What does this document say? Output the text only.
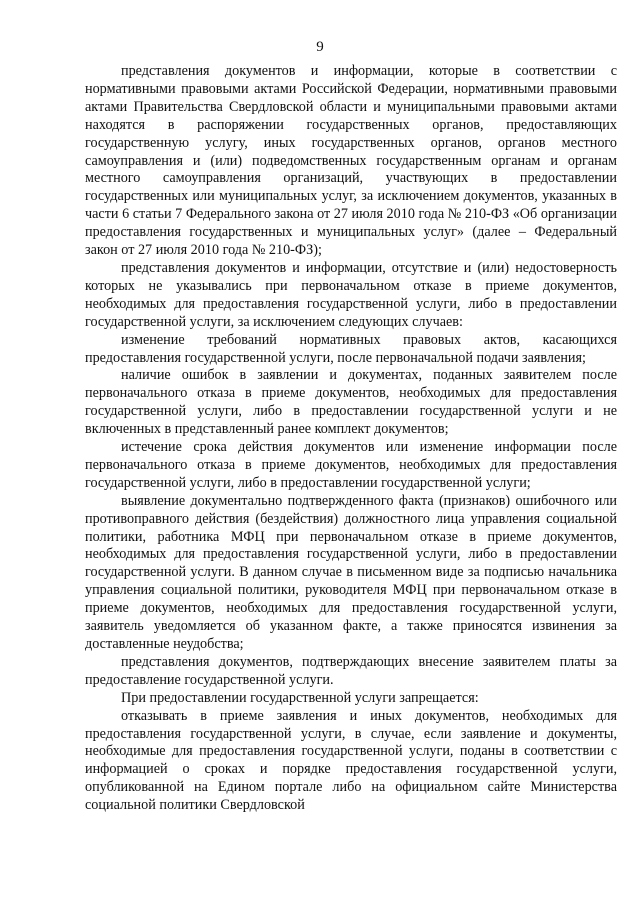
9

представления документов и информации, которые в соответствии с нормативными правовыми актами Российской Федерации, нормативными правовыми актами Правительства Свердловской области и муниципальными правовыми актами находятся в распоряжении государственных органов, предоставляющих государственную услугу, иных государственных органов, органов местного самоуправления и (или) подведомственных государственным органам и органам местного самоуправления организаций, участвующих в предоставлении государственных или муниципальных услуг, за исключением документов, указанных в части 6 статьи 7 Федерального закона от 27 июля 2010 года № 210-ФЗ «Об организации предоставления государственных и муниципальных услуг» (далее – Федеральный закон от 27 июля 2010 года № 210-ФЗ);

представления документов и информации, отсутствие и (или) недостоверность которых не указывались при первоначальном отказе в приеме документов, необходимых для предоставления государственной услуги, либо в предоставлении государственной услуги, за исключением следующих случаев:

изменение требований нормативных правовых актов, касающихся предоставления государственной услуги, после первоначальной подачи заявления;

наличие ошибок в заявлении и документах, поданных заявителем после первоначального отказа в приеме документов, необходимых для предоставления государственной услуги, либо в предоставлении государственной услуги и не включенных в представленный ранее комплект документов;

истечение срока действия документов или изменение информации после первоначального отказа в приеме документов, необходимых для предоставления государственной услуги, либо в предоставлении государственной услуги;

выявление документально подтвержденного факта (признаков) ошибочного или противоправного действия (бездействия) должностного лица управления социальной политики, работника МФЦ при первоначальном отказе в приеме документов, необходимых для предоставления государственной услуги, либо в предоставлении государственной услуги. В данном случае в письменном виде за подписью начальника управления социальной политики, руководителя МФЦ при первоначальном отказе в приеме документов, необходимых для предоставления государственной услуги, заявитель уведомляется об указанном факте, а также приносятся извинения за доставленные неудобства;

представления документов, подтверждающих внесение заявителем платы за предоставление государственной услуги.

При предоставлении государственной услуги запрещается:

отказывать в приеме заявления и иных документов, необходимых для предоставления государственной услуги, в случае, если заявление и документы, необходимые для предоставления государственной услуги, поданы в соответствии с информацией о сроках и порядке предоставления государственной услуги, опубликованной на Едином портале либо на официальном сайте Министерства социальной политики Свердловской
